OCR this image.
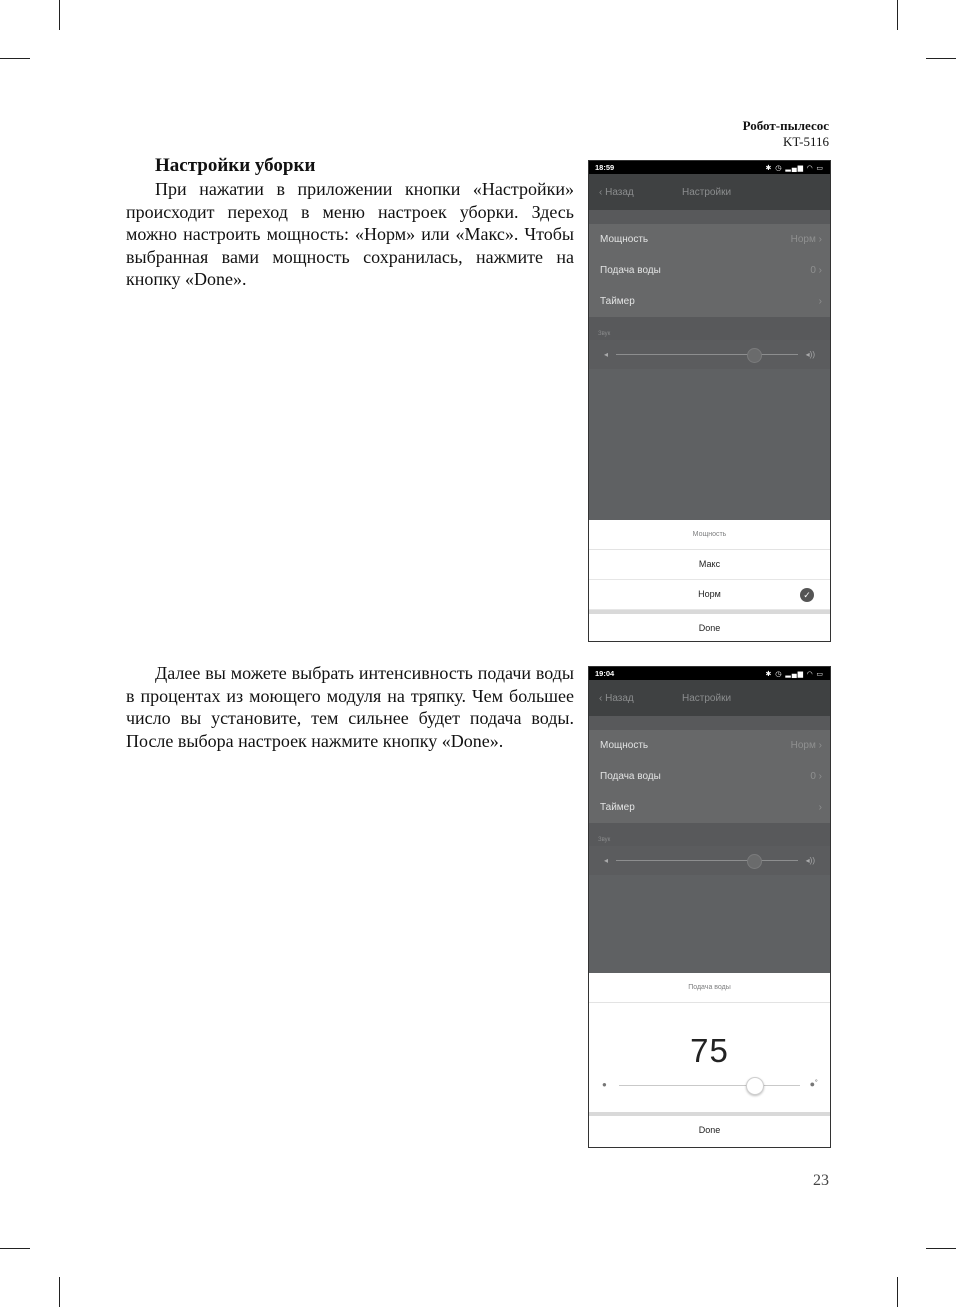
Робот-пылесос
KT-5116
Настройки уборки

При нажатии в приложении кнопки «Настройки» происходит переход в меню настроек уборки. Здесь можно настроить мощность: «Норм» или «Макс». Чтобы выбранная вами мощность сохранилась, нажмите на кнопку «Done».

Далее вы можете выбрать интенсивность подачи воды в процентах из моющего модуля на тряпку. Чем большее число вы установите, тем сильнее будет подача воды. После выбора настроек нажмите кнопку «Done».

18:59	✱ ◷ ▂▄▆ ◠ ▭
‹ Назад	Настройки
Мощность	Норм ›
Подача воды	0 ›
Таймер	›
Звук
◂	◂))
Мощность
Макс
Норм	✓
Done
19:04	✱ ◷ ▂▄▆ ◠ ▭
‹ Назад	Настройки
Мощность	Норм ›
Подача воды	0 ›
Таймер	›
Звук
◂	◂))
Подача воды
75
●	●˚
Done
23
